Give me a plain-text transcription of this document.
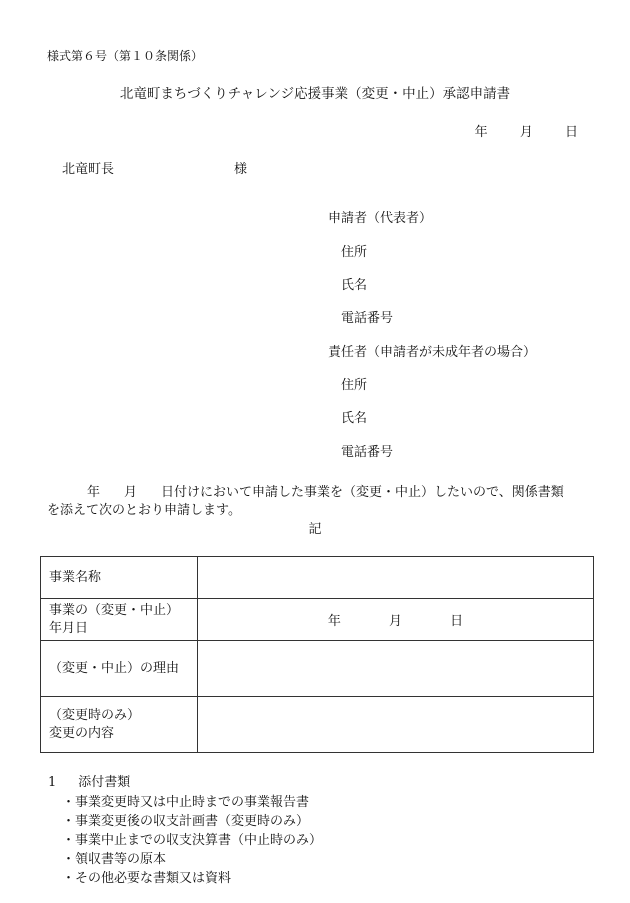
様式第６号（第１０条関係）
北竜町まちづくりチャレンジ応援事業（変更・中止）承認申請書
年 月 日
北竜町長	様
申請者（代表者）
住所
氏名
電話番号
責任者（申請者が未成年者の場合）
住所
氏名
電話番号
年 月 日付けにおいて申請した事業を（変更・中止）したいので、関係書類
を添えて次のとおり申請します。
記
事業名称	

事業の（変更・中止）
年月日	年 月 日
（変更・中止）の理由	

（変更時のみ）
変更の内容	

1 添付書類
・事業変更時又は中止時までの事業報告書
・事業変更後の収支計画書（変更時のみ）
・事業中止までの収支決算書（中止時のみ）
・領収書等の原本
・その他必要な書類又は資料
